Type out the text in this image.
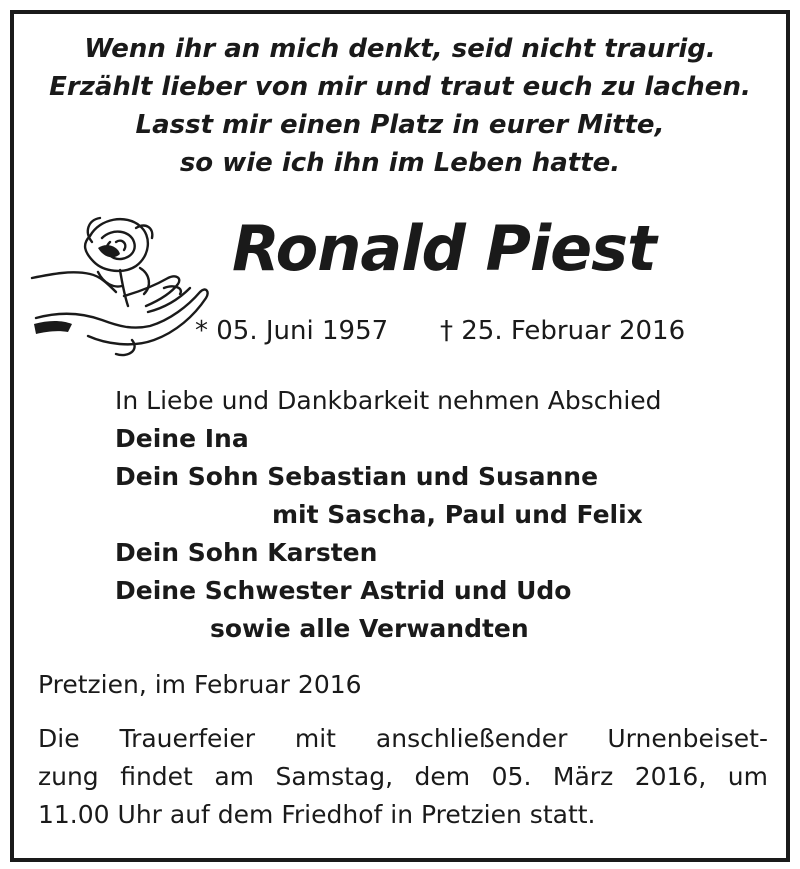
Wenn ihr an mich denkt, seid nicht traurig.
Erzählt lieber von mir und traut euch zu lachen.
Lasst mir einen Platz in eurer Mitte,
so wie ich ihn im Leben hatte.
Ronald Piest
* 05. Juni 1957 † 25. Februar 2016
In Liebe und Dankbarkeit nehmen Abschied
Deine Ina
Dein Sohn Sebastian und Susanne
mit Sascha, Paul und Felix
Dein Sohn Karsten
Deine Schwester Astrid und Udo
sowie alle Verwandten
Pretzien, im Februar 2016
Die Trauerfeier mit anschließender Urnenbeiset-
zung findet am Samstag, dem 05. März 2016, um
11.00 Uhr auf dem Friedhof in Pretzien statt.
